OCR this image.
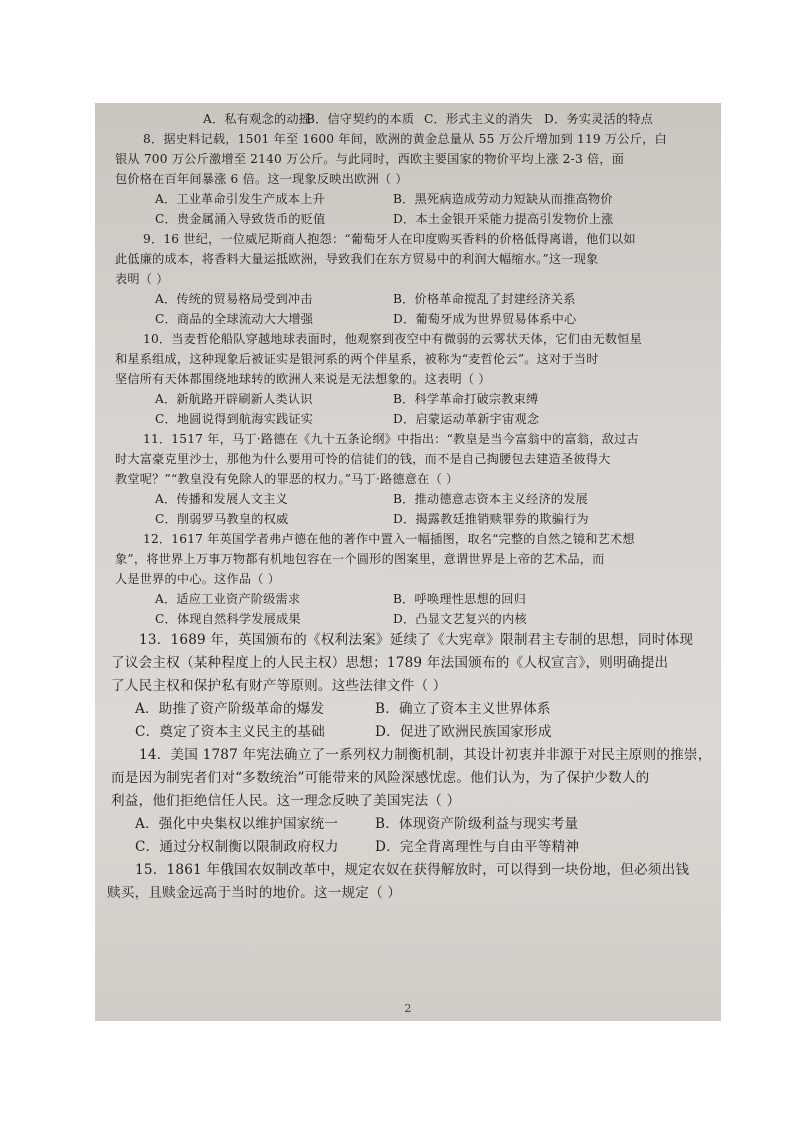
A．私有观念的动摇
B．信守契约的本质 C．形式主义的消失 D．务实灵活的特点
8．据史料记载，1501 年至 1600 年间，欧洲的黄金总量从 55 万公斤增加到 119 万公斤，白
银从 700 万公斤激增至 2140 万公斤。与此同时，西欧主要国家的物价平均上涨 2-3 倍，面
包价格在百年间暴涨 6 倍。这一现象反映出欧洲（ ）
A．工业革命引发生产成本上升	B．黑死病造成劳动力短缺从而推高物价
C．贵金属涌入导致货币的贬值	D．本土金银开采能力提高引发物价上涨
9．16 世纪，一位威尼斯商人抱怨：“葡萄牙人在印度购买香料的价格低得离谱，他们以如
此低廉的成本，将香料大量运抵欧洲，导致我们在东方贸易中的利润大幅缩水。”这一现象
表明（ ）
A．传统的贸易格局受到冲击	B．价格革命搅乱了封建经济关系
C．商品的全球流动大大增强	D．葡萄牙成为世界贸易体系中心
10．当麦哲伦船队穿越地球表面时，他观察到夜空中有微弱的云雾状天体，它们由无数恒星
和星系组成，这种现象后被证实是银河系的两个伴星系，被称为“麦哲伦云”。这对于当时
坚信所有天体都围绕地球转的欧洲人来说是无法想象的。这表明（ ）
A．新航路开辟刷新人类认识	B．科学革命打破宗教束缚
C．地圆说得到航海实践证实	D．启蒙运动革新宇宙观念
11．1517 年，马丁·路德在《九十五条论纲》中指出：“教皇是当今富翁中的富翁，敌过古
时大富豪克里沙士，那他为什么要用可怜的信徒们的钱，而不是自己掏腰包去建造圣彼得大
教堂呢？”“教皇没有免除人的罪恶的权力。”马丁·路德意在（ ）
A．传播和发展人文主义	B．推动德意志资本主义经济的发展
C．削弱罗马教皇的权威	D．揭露教廷推销赎罪券的欺骗行为
12．1617 年英国学者弗卢德在他的著作中置入一幅插图，取名“完整的自然之镜和艺术想
象”，将世界上万事万物都有机地包容在一个圆形的图案里，意谓世界是上帝的艺术品，而
人是世界的中心。这作品（ ）
A．适应工业资产阶级需求	B．呼唤理性思想的回归
C．体现自然科学发展成果	D．凸显文艺复兴的内核
13．1689 年，英国颁布的《权利法案》延续了《大宪章》限制君主专制的思想，同时体现
了议会主权（某种程度上的人民主权）思想；1789 年法国颁布的《人权宣言》，则明确提出
了人民主权和保护私有财产等原则。这些法律文件（ ）
A．助推了资产阶级革命的爆发	B．确立了资本主义世界体系
C．奠定了资本主义民主的基础	D．促进了欧洲民族国家形成
14．美国 1787 年宪法确立了一系列权力制衡机制，其设计初衷并非源于对民主原则的推崇，
而是因为制宪者们对“多数统治”可能带来的风险深感忧虑。他们认为，为了保护少数人的
利益，他们拒绝信任人民。这一理念反映了美国宪法（ ）
A．强化中央集权以维护国家统一	B．体现资产阶级利益与现实考量
C．通过分权制衡以限制政府权力	D．完全背离理性与自由平等精神
15．1861 年俄国农奴制改革中，规定农奴在获得解放时，可以得到一块份地，但必须出钱
赎买，且赎金远高于当时的地价。这一规定（ ）
2
